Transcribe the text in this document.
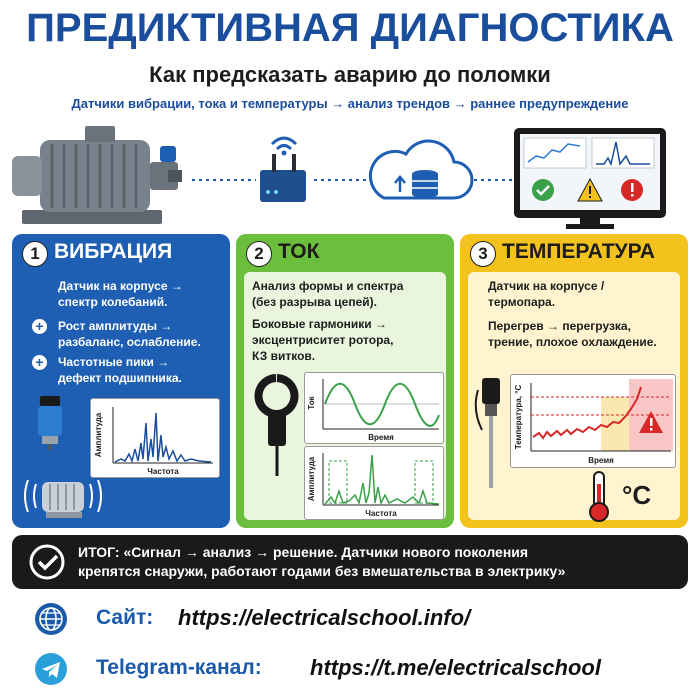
ПРЕДИКТИВНАЯ ДИАГНОСТИКА
Как предсказать аварию до поломки
Датчики вибрации, тока и температуры → анализ трендов → раннее предупреждение
1 ВИБРАЦИЯ
Датчик на корпусе →
спектр колебаний.
+ Рост амплитуды →
разбаланс, ослабление.
+ Частотные пики →
дефект подшипника.
Амплитуда
Частота
2 ТОК
Анализ формы и спектра
(без разрыва цепей).
Боковые гармоники →
эксцентриситет ротора,
КЗ витков.
Ток
Время
Амплитуда
Частота
3 ТЕМПЕРАТУРА
Датчик на корпусе /
термопара.
Перегрев → перегрузка,
трение, плохое охлаждение.
Температура, °С
Время
°C
ИТОГ: «Сигнал → анализ → решение. Датчики нового поколения
крепятся снаружи, работают годами без вмешательства в электрику»
Сайт: https://electricalschool.info/
Telegram-канал: https://t.me/electricalschool
